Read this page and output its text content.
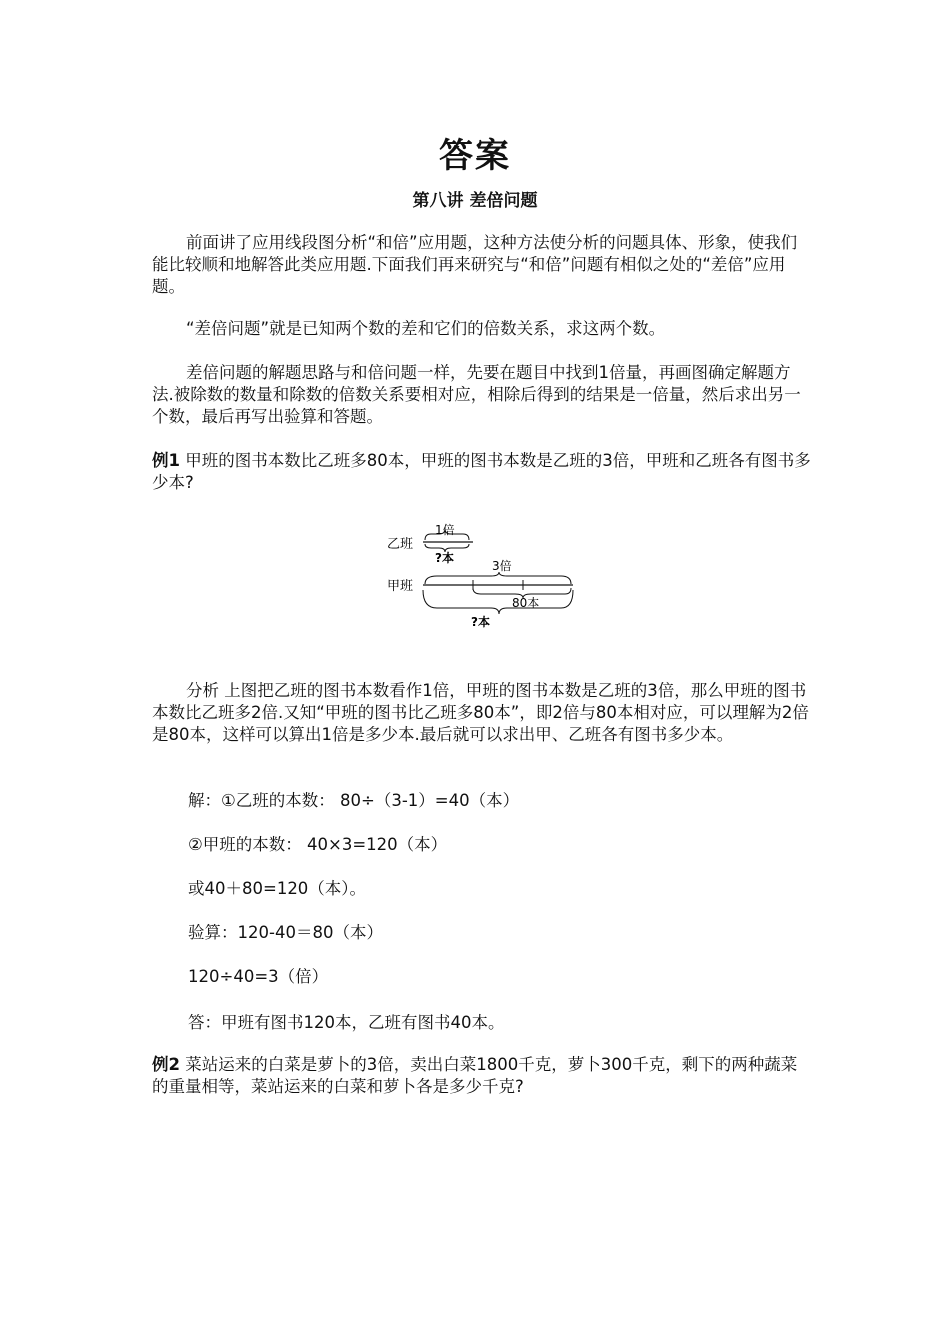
答案
第八讲 差倍问题

前面讲了应用线段图分析“和倍”应用题，这种方法使分析的问题具体、形象，使我们能比较顺和地解答此类应用题.下面我们再来研究与“和倍”问题有相似之处的“差倍”应用题。

“差倍问题”就是已知两个数的差和它们的倍数关系，求这两个数。

差倍问题的解题思路与和倍问题一样，先要在题目中找到1倍量，再画图确定解题方法.被除数的数量和除数的倍数关系要相对应，相除后得到的结果是一倍量，然后求出另一个数，最后再写出验算和答题。

例1 甲班的图书本数比乙班多80本，甲班的图书本数是乙班的3倍，甲班和乙班各有图书多少本?

乙班
1倍
?本
甲班
3倍
80本
?本

分析 上图把乙班的图书本数看作1倍，甲班的图书本数是乙班的3倍，那么甲班的图书本数比乙班多2倍.又知“甲班的图书比乙班多80本”，即2倍与80本相对应，可以理解为2倍是80本，这样可以算出1倍是多少本.最后就可以求出甲、乙班各有图书多少本。

解：①乙班的本数： 80÷（3-1）=40（本）
②甲班的本数： 40×3=120（本）
或40＋80=120（本）。
验算：120-40＝80（本）
120÷40=3（倍）
答：甲班有图书120本，乙班有图书40本。

例2 菜站运来的白菜是萝卜的3倍，卖出白菜1800千克，萝卜300千克，剩下的两种蔬菜的重量相等，菜站运来的白菜和萝卜各是多少千克?
